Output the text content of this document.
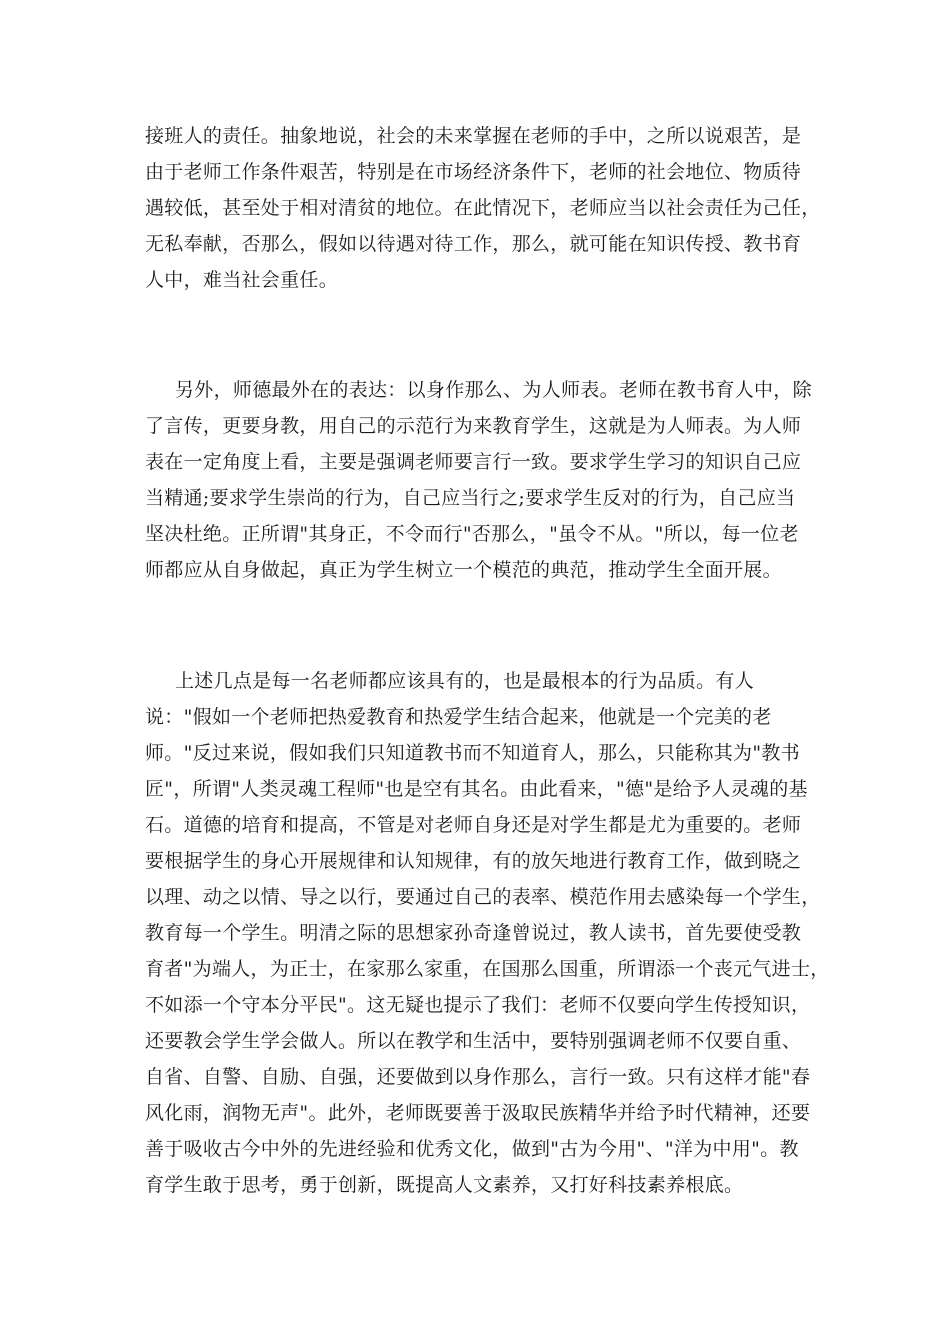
接班人的责任。抽象地说，社会的未来掌握在老师的手中，之所以说艰苦，是
由于老师工作条件艰苦，特别是在市场经济条件下，老师的社会地位、物质待
遇较低，甚至处于相对清贫的地位。在此情况下，老师应当以社会责任为己任，
无私奉献，否那么，假如以待遇对待工作，那么，就可能在知识传授、教书育
人中，难当社会重任。
另外，师德最外在的表达：以身作那么、为人师表。老师在教书育人中，除
了言传，更要身教，用自己的示范行为来教育学生，这就是为人师表。为人师
表在一定角度上看，主要是强调老师要言行一致。要求学生学习的知识自己应
当精通;要求学生崇尚的行为，自己应当行之;要求学生反对的行为，自己应当
坚决杜绝。正所谓"其身正，不令而行"否那么，"虽令不从。"所以，每一位老
师都应从自身做起，真正为学生树立一个模范的典范，推动学生全面开展。
上述几点是每一名老师都应该具有的，也是最根本的行为品质。有人
说："假如一个老师把热爱教育和热爱学生结合起来，他就是一个完美的老
师。"反过来说，假如我们只知道教书而不知道育人，那么，只能称其为"教书
匠"，所谓"人类灵魂工程师"也是空有其名。由此看来，"德"是给予人灵魂的基
石。道德的培育和提高，不管是对老师自身还是对学生都是尤为重要的。老师
要根据学生的身心开展规律和认知规律，有的放矢地进行教育工作，做到晓之
以理、动之以情、导之以行，要通过自己的表率、模范作用去感染每一个学生，
教育每一个学生。明清之际的思想家孙奇逢曾说过，教人读书，首先要使受教
育者"为端人，为正士，在家那么家重，在国那么国重，所谓添一个丧元气进士，
不如添一个守本分平民"。这无疑也提示了我们：老师不仅要向学生传授知识，
还要教会学生学会做人。所以在教学和生活中，要特别强调老师不仅要自重、
自省、自警、自励、自强，还要做到以身作那么，言行一致。只有这样才能"春
风化雨，润物无声"。此外，老师既要善于汲取民族精华并给予时代精神，还要
善于吸收古今中外的先进经验和优秀文化，做到"古为今用"、"洋为中用"。教
育学生敢于思考，勇于创新，既提高人文素养，又打好科技素养根底。
